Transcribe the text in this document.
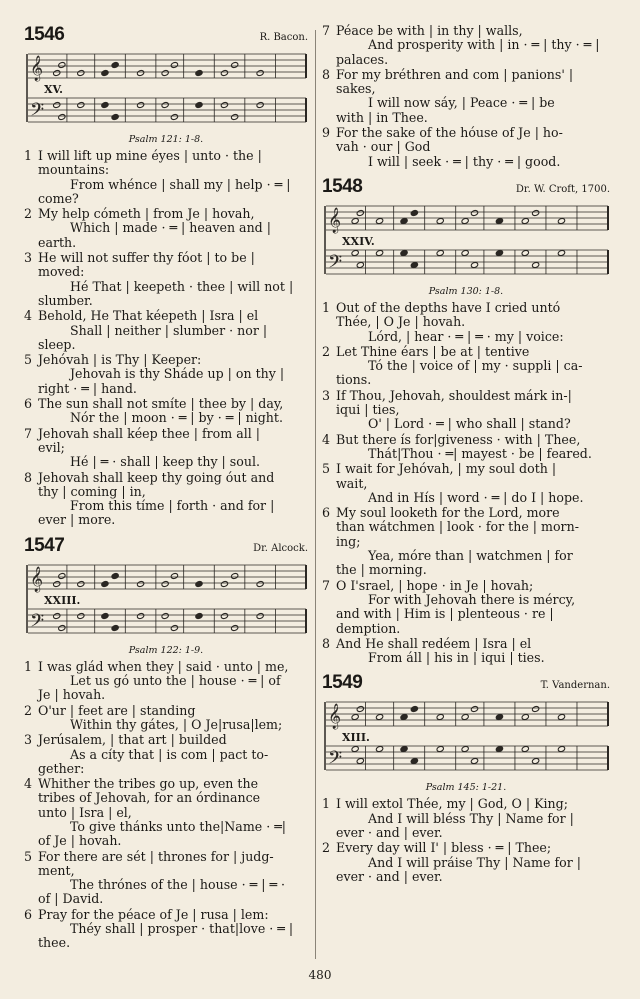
1546	R. Bacon.
𝄞
𝄢
XV.
Psalm 121: 1-8.
1 I will lift up mine éyes | unto · the |
mountains:
From whénce | shall my | help · ═ |
come?
2 My help cómeth | from Je | hovah,
Which | made · ═ | heaven and |
earth.
3 He will not suffer thy fóot | to be |
moved:
Hé That | keepeth · thee | will not |
slumber.
4 Behold, He That kéepeth | Isra | el
Shall | neither | slumber · nor |
sleep.
5 Jehóvah | is Thy | Keeper:
Jehovah is thy Sháde up | on thy |
right · ═ | hand.
6 The sun shall not smíte | thee by | day,
Nór the | moon · ═ | by · ═ | night.
7 Jehovah shall kéep thee | from all |
evil;
Hé | ═ · shall | keep thy | soul.
8 Jehovah shall keep thy going óut and
thy | coming | in,
From this tíme | forth · and for |
ever | more.
1547	Dr. Alcock.
𝄞
𝄢
XXIII.
Psalm 122: 1-9.
1 I was glád when they | said · unto | me,
Let us gó unto the | house · ═ | of
Je | hovah.
2 O'ur | feet are | standing
Within thy gátes, | O Je|rusa|lem;
3 Jerúsalem, | that art | builded
As a cíty that | is com | pact to-
gether:
4 Whither the tribes go up, even the
tribes of Jehovah, for an órdinance
unto | Isra | el,
To give thánks unto the|Name · ═|
of Je | hovah.
5 For there are sét | thrones for | judg-
ment,
The thrónes of the | house · ═ | ═ ·
of | David.
6 Pray for the péace of Je | rusa | lem:
Théy shall | prosper · that|love · ═ |
thee.
7 Péace be with | in thy | walls,
And prosperity with | in · ═ | thy · ═ |
palaces.
8 For my bréthren and com | panions' |
sakes,
I will now sáy, | Peace · ═ | be
with | in Thee.
9 For the sake of the hóuse of Je | ho-
vah · our | God
I will | seek · ═ | thy · ═ | good.
1548	Dr. W. Croft, 1700.
𝄞
𝄢
XXIV.
Psalm 130: 1-8.
1 Out of the depths have I cried untó
Thée, | O Je | hovah.
Lórd, | hear · ═ | ═ · my | voice:
2 Let Thine éars | be at | tentive
Tó the | voice of | my · suppli | ca-
tions.
3 If Thou, Jehovah, shouldest márk in-|
iqui | ties,
O' | Lord · ═ | who shall | stand?
4 But there ís for|giveness · with | Thee,
Thát|Thou · ═| mayest · be | feared.
5 I wait for Jehóvah, | my soul doth |
wait,
And in Hís | word · ═ | do I | hope.
6 My soul looketh for the Lord, more
than wátchmen | look · for the | morn-
ing;
Yea, móre than | watchmen | for
the | morning.
7 O I'srael, | hope · in Je | hovah;
For with Jehovah there is mércy,
and with | Him is | plenteous · re |
demption.
8 And He shall redéem | Isra | el
From áll | his in | iqui | ties.
1549	T. Vandernan.
𝄞
𝄢
XIII.
Psalm 145: 1-21.
1 I will extol Thée, my | God, O | King;
And I will bléss Thy | Name for |
ever · and | ever.
2 Every day will I' | bless · ═ | Thee;
And I will práise Thy | Name for |
ever · and | ever.
480
